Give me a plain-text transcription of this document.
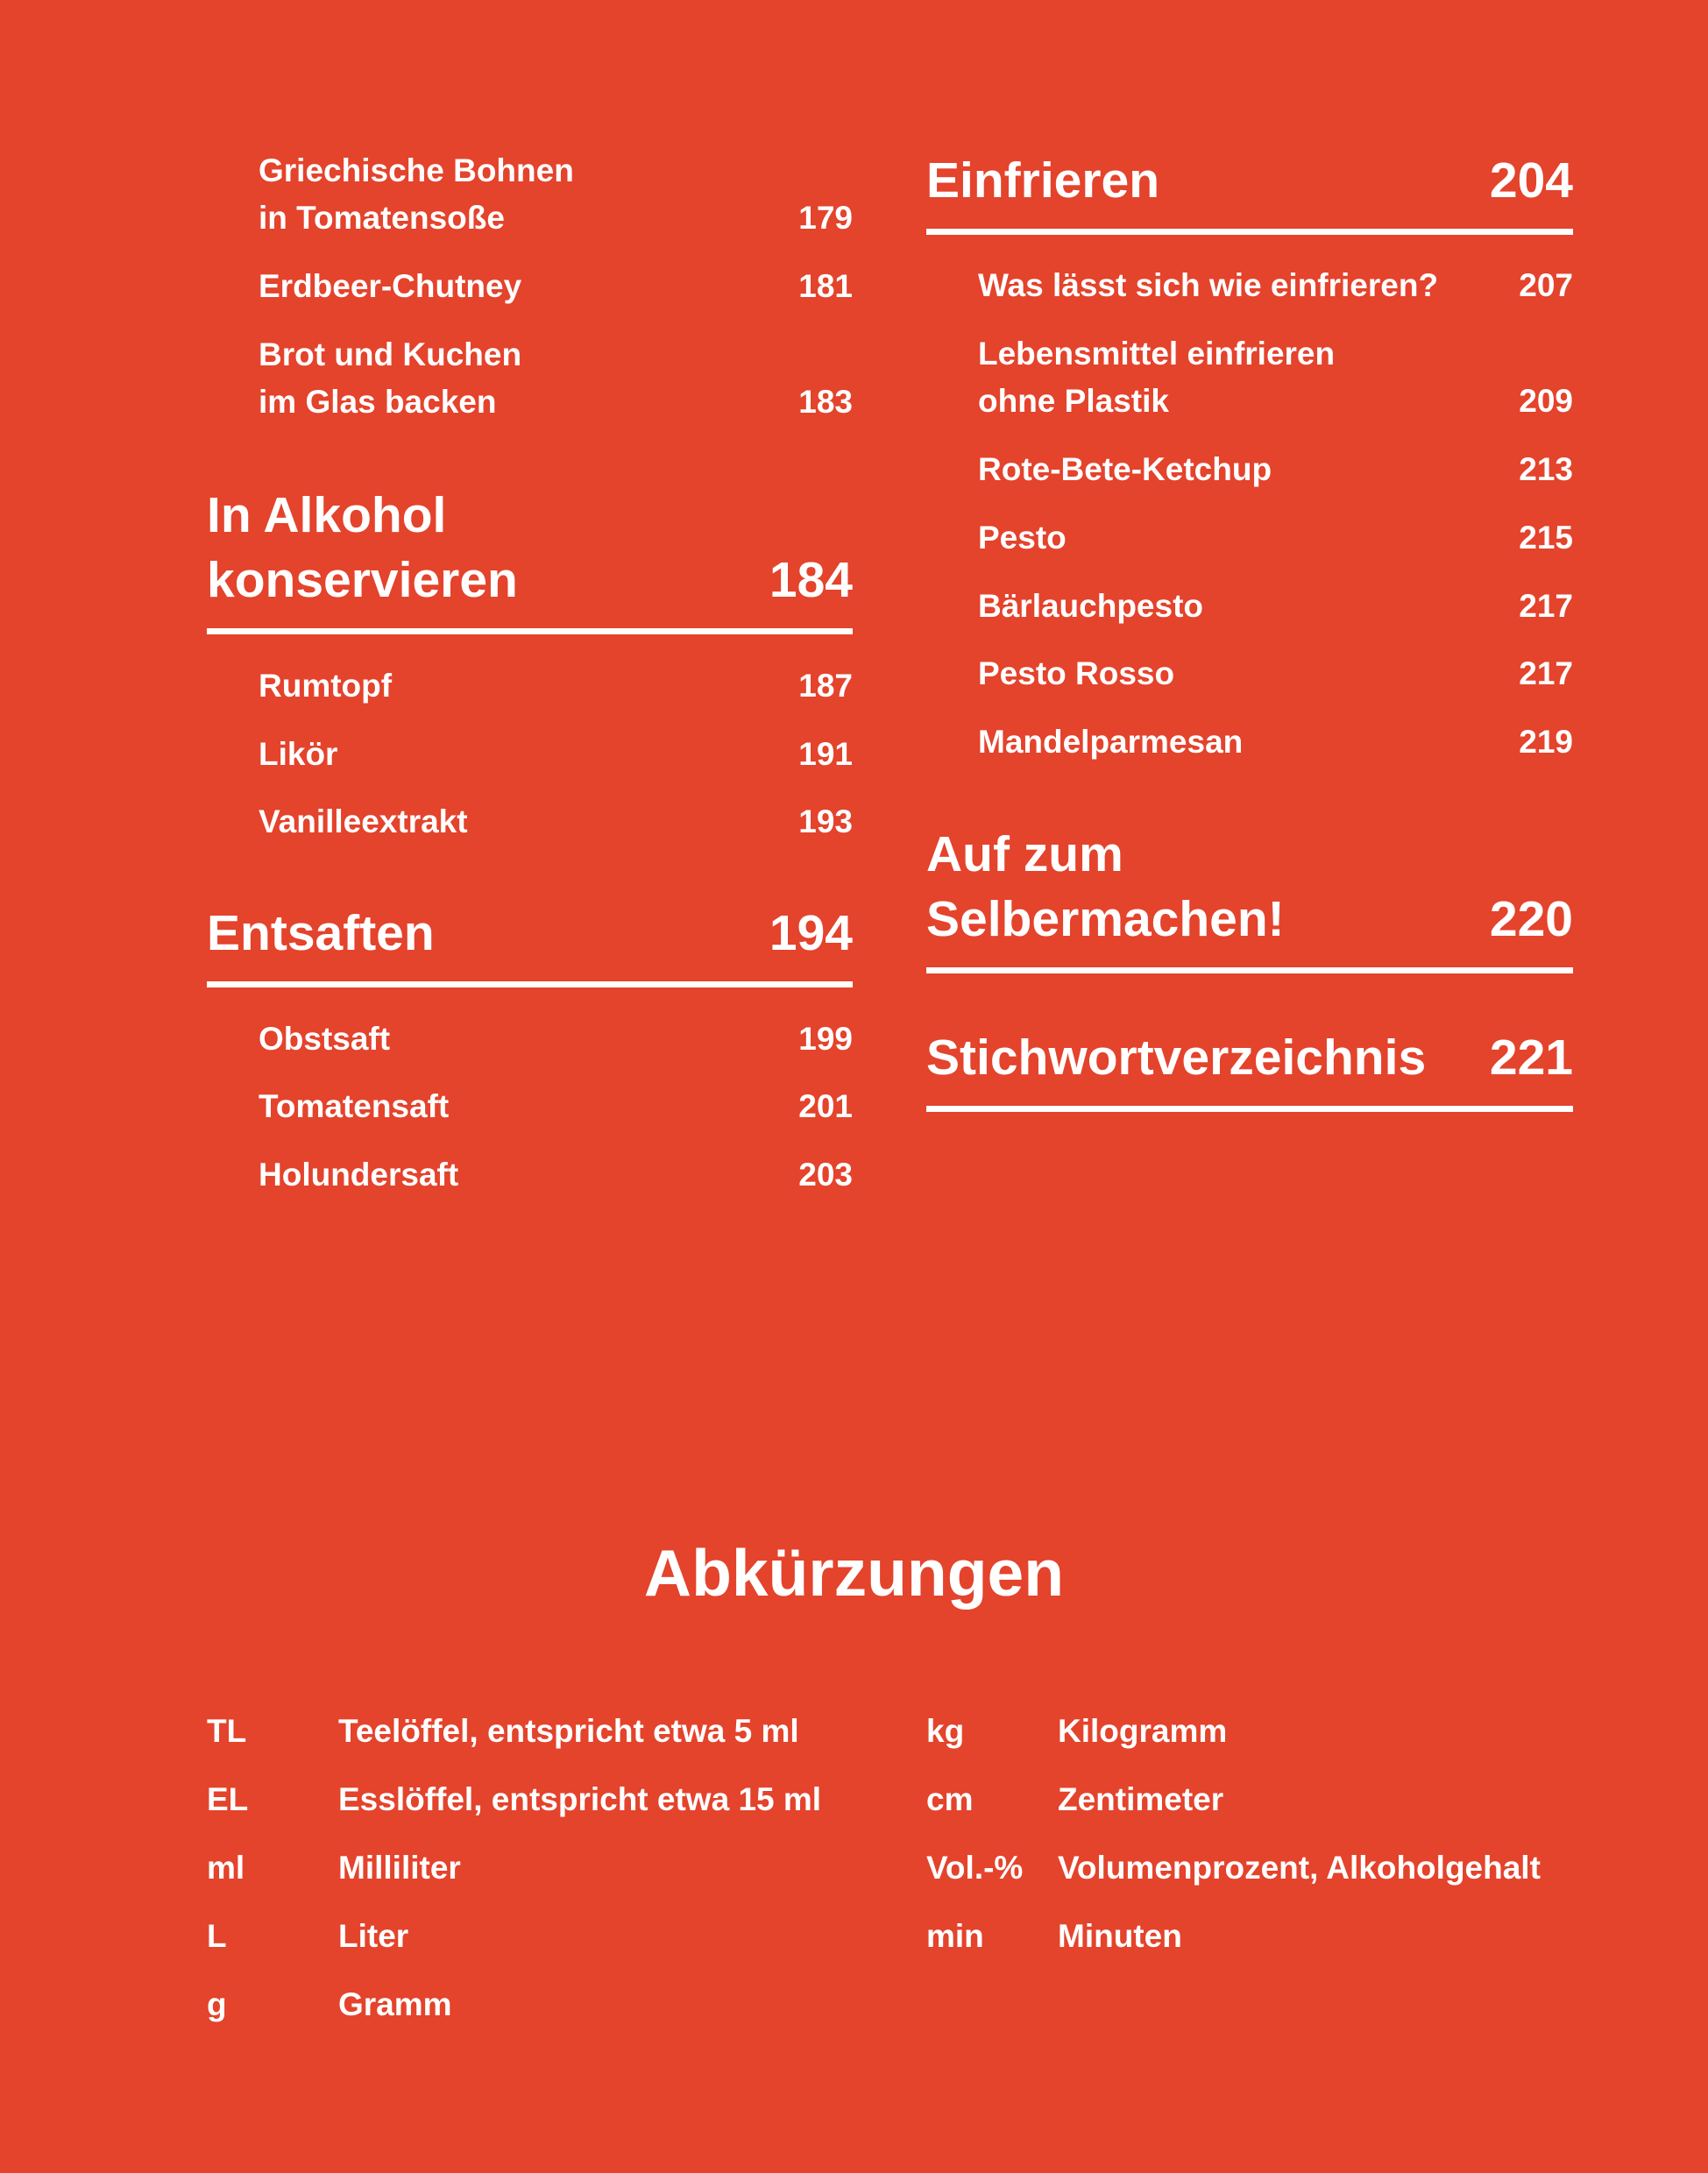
Griechische Bohnen
in Tomatensoße	179
Erdbeer-Chutney	181
Brot und Kuchen
im Glas backen	183
In Alkohol
konservieren	184
Rumtopf	187
Likör	191
Vanilleextrakt	193
Entsaften	194
Obstsaft	199
Tomatensaft	201
Holundersaft	203
Einfrieren	204
Was lässt sich wie einfrieren?	207
Lebensmittel einfrieren
ohne Plastik	209
Rote-Bete-Ketchup	213
Pesto	215
Bärlauchpesto	217
Pesto Rosso	217
Mandelparmesan	219
Auf zum
Selbermachen!	220
Stichwortverzeichnis	221
Abkürzungen
TL	Teelöffel, entspricht etwa 5 ml
EL	Esslöffel, entspricht etwa 15 ml
ml	Milliliter
L	Liter
g	Gramm
kg	Kilogramm
cm	Zentimeter
Vol.-% Volumenprozent, Alkoholgehalt
min Minuten
